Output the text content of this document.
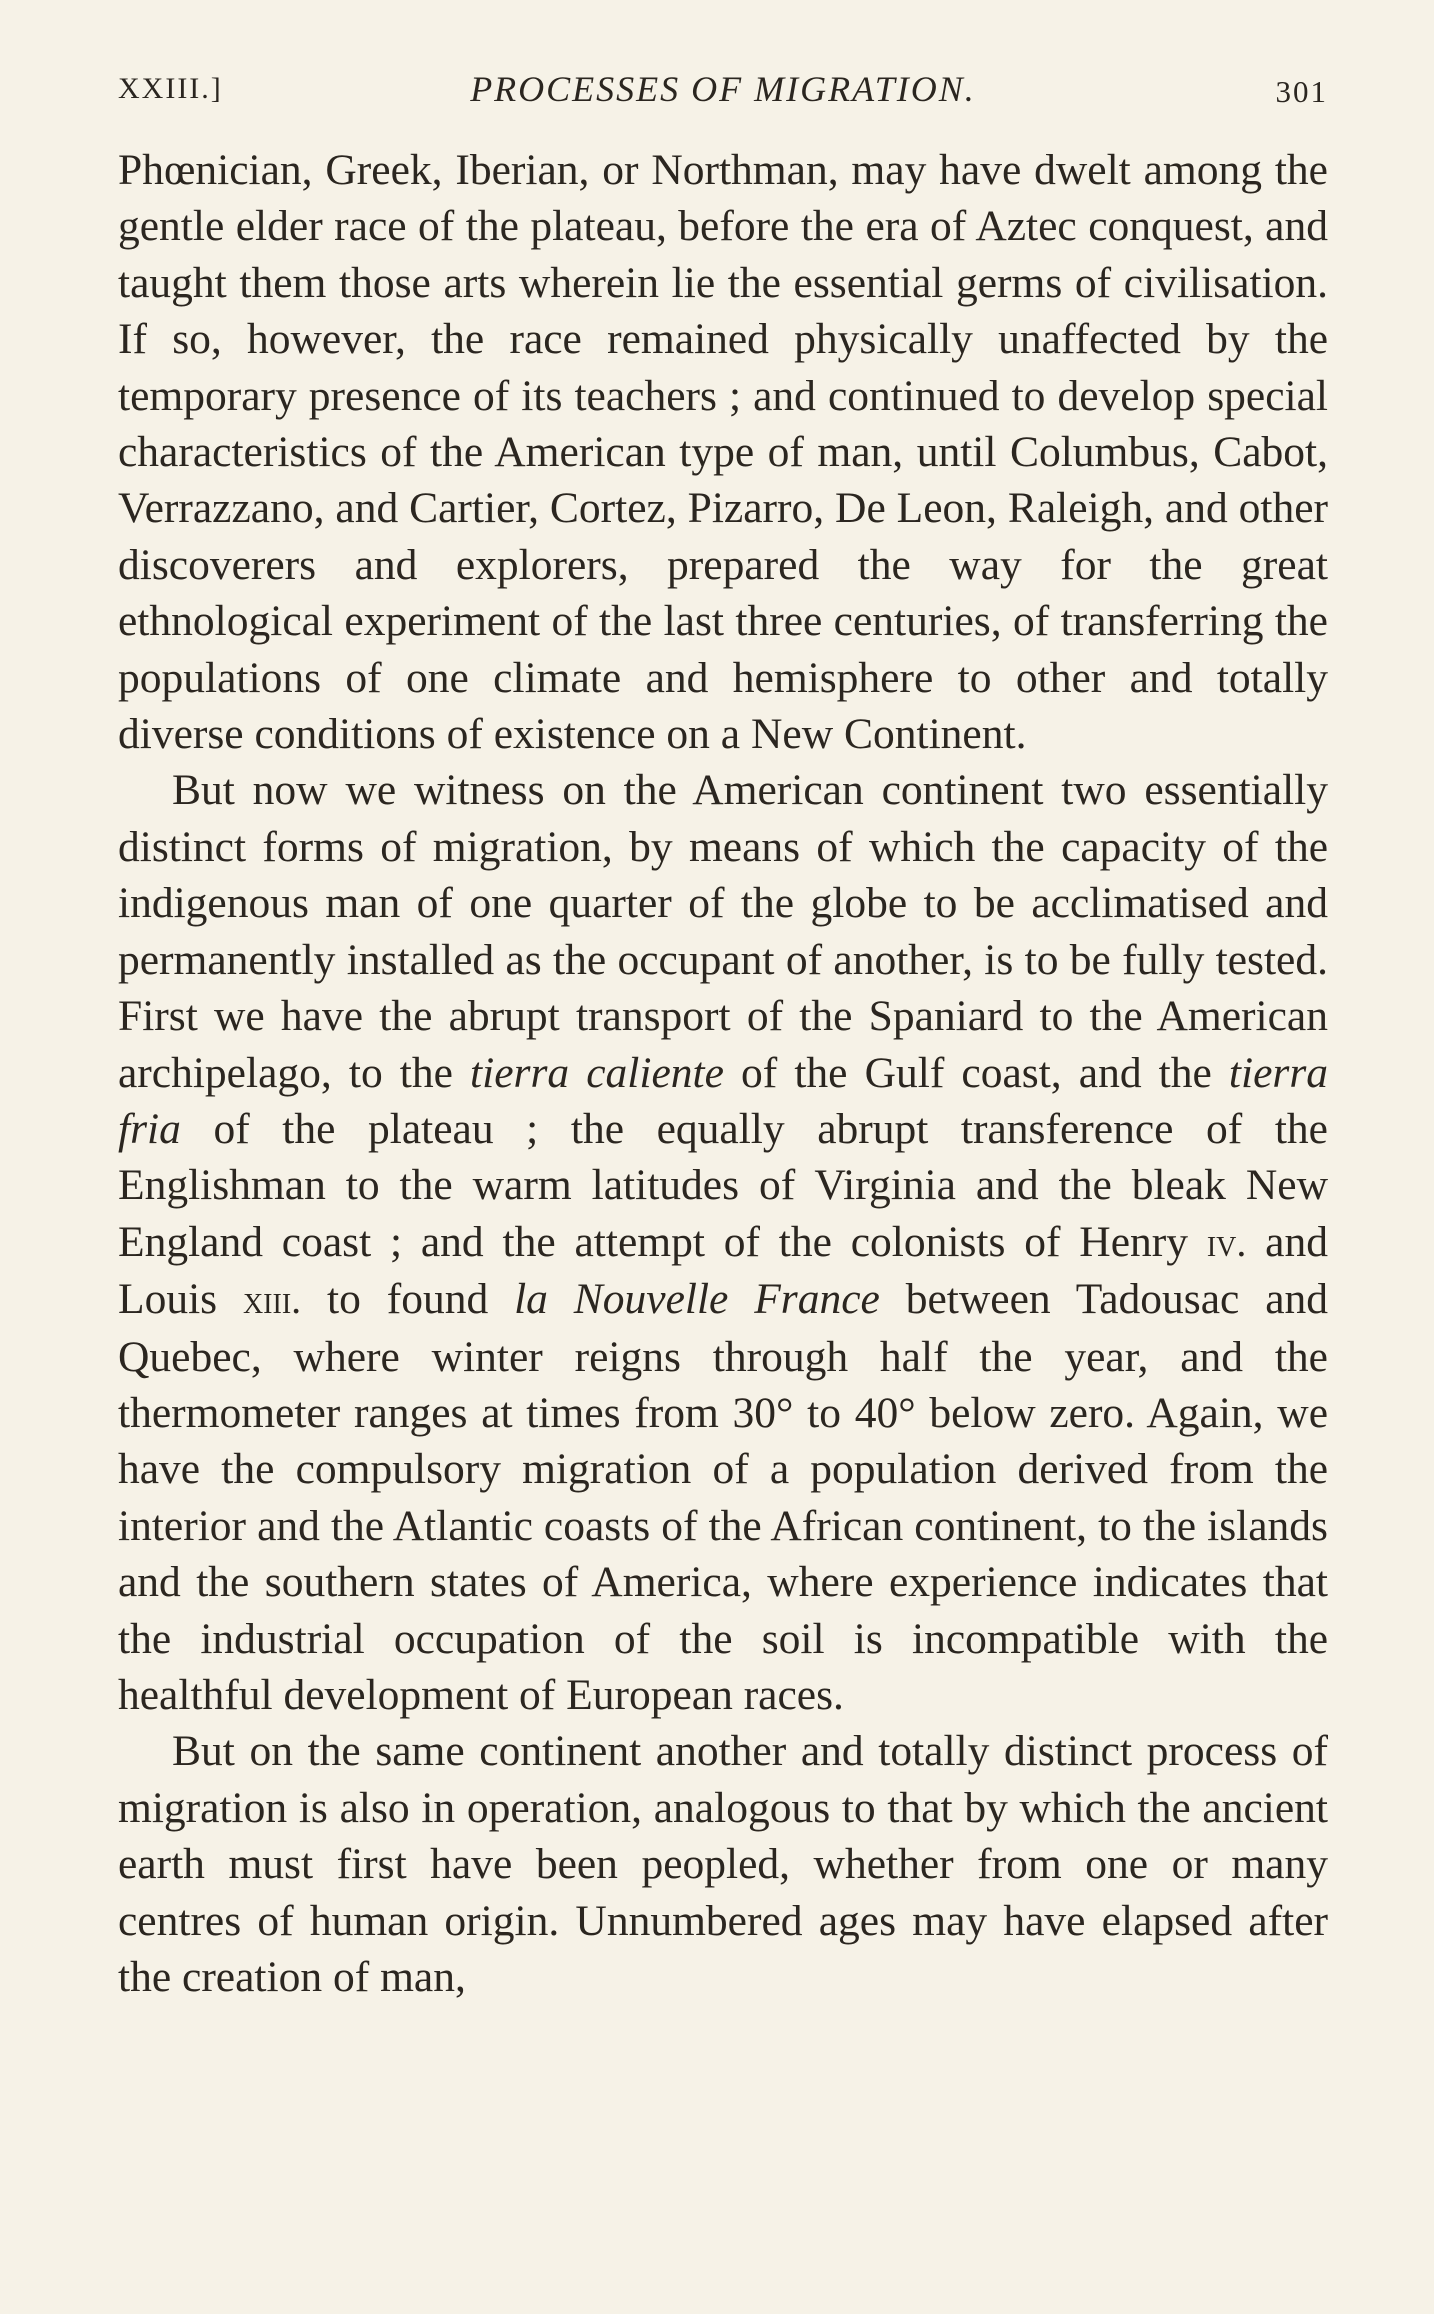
XXIII.]	PROCESSES OF MIGRATION.	301

Phœnician, Greek, Iberian, or Northman, may have dwelt among the gentle elder race of the plateau, before the era of Aztec conquest, and taught them those arts wherein lie the essential germs of civilisation. If so, however, the race remained physically unaffected by the temporary presence of its teachers ; and continued to develop special characteristics of the American type of man, until Columbus, Cabot, Verrazzano, and Cartier, Cortez, Pizarro, De Leon, Raleigh, and other discoverers and explorers, prepared the way for the great ethnological experiment of the last three centuries, of transferring the populations of one climate and hemisphere to other and totally diverse conditions of existence on a New Continent.

But now we witness on the American continent two essentially distinct forms of migration, by means of which the capacity of the indigenous man of one quarter of the globe to be acclimatised and permanently installed as the occupant of another, is to be fully tested. First we have the abrupt transport of the Spaniard to the American archipelago, to the tierra caliente of the Gulf coast, and the tierra fria of the plateau ; the equally abrupt transference of the Englishman to the warm latitudes of Virginia and the bleak New England coast ; and the attempt of the colonists of Henry iv. and Louis xiii. to found la Nouvelle France between Tadousac and Quebec, where winter reigns through half the year, and the thermometer ranges at times from 30° to 40° below zero. Again, we have the compulsory migration of a population derived from the interior and the Atlantic coasts of the African continent, to the islands and the southern states of America, where experience indicates that the industrial occupation of the soil is incompatible with the healthful development of European races.

But on the same continent another and totally distinct process of migration is also in operation, analogous to that by which the ancient earth must first have been peopled, whether from one or many centres of human origin. Unnumbered ages may have elapsed after the creation of man,
